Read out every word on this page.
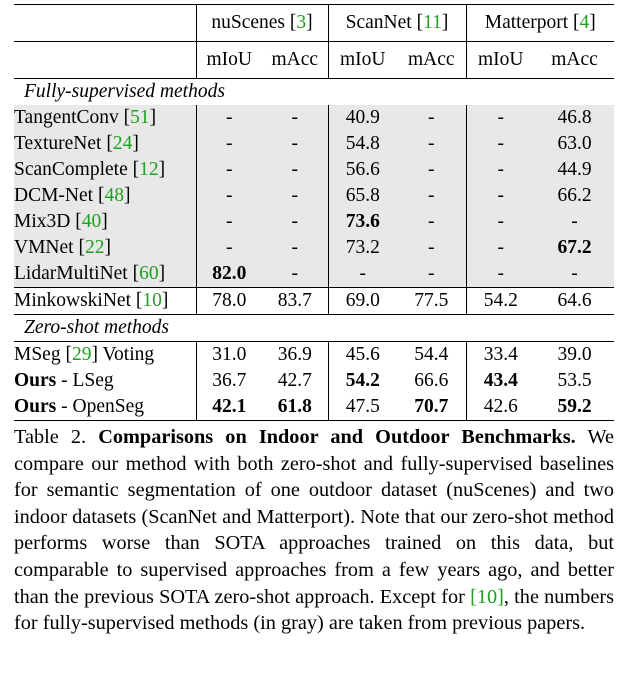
	nuScenes [3]		ScanNet [11]		Matterport [4]	
	mIoU	mAcc	mIoU	mAcc	mIoU	mAcc
Fully-supervised methods						
TangentConv [51]	-	-	40.9	-	-	46.8
TextureNet [24]	-	-	54.8	-	-	63.0
ScanComplete [12]	-	-	56.6	-	-	44.9
DCM-Net [48]	-	-	65.8	-	-	66.2
Mix3D [40]	-	-	73.6	-	-	-
VMNet [22]	-	-	73.2	-	-	67.2
LidarMultiNet [60]	82.0	-	-	-	-	-
MinkowskiNet [10]	78.0	83.7	69.0	77.5	54.2	64.6
Zero-shot methods						
MSeg [29] Voting	31.0	36.9	45.6	54.4	33.4	39.0
Ours - LSeg	36.7	42.7	54.2	66.6	43.4	53.5
Ours - OpenSeg	42.1	61.8	47.5	70.7	42.6	59.2
Table 2. Comparisons on Indoor and Outdoor Benchmarks. We compare our method with both zero-shot and fully-supervised baselines for semantic segmentation of one outdoor dataset (nuScenes) and two indoor datasets (ScanNet and Matterport). Note that our zero-shot method performs worse than SOTA approaches trained on this data, but comparable to supervised approaches from a few years ago, and better than the previous SOTA zero-shot approach. Except for [10], the numbers for fully-supervised methods (in gray) are taken from previous papers.
